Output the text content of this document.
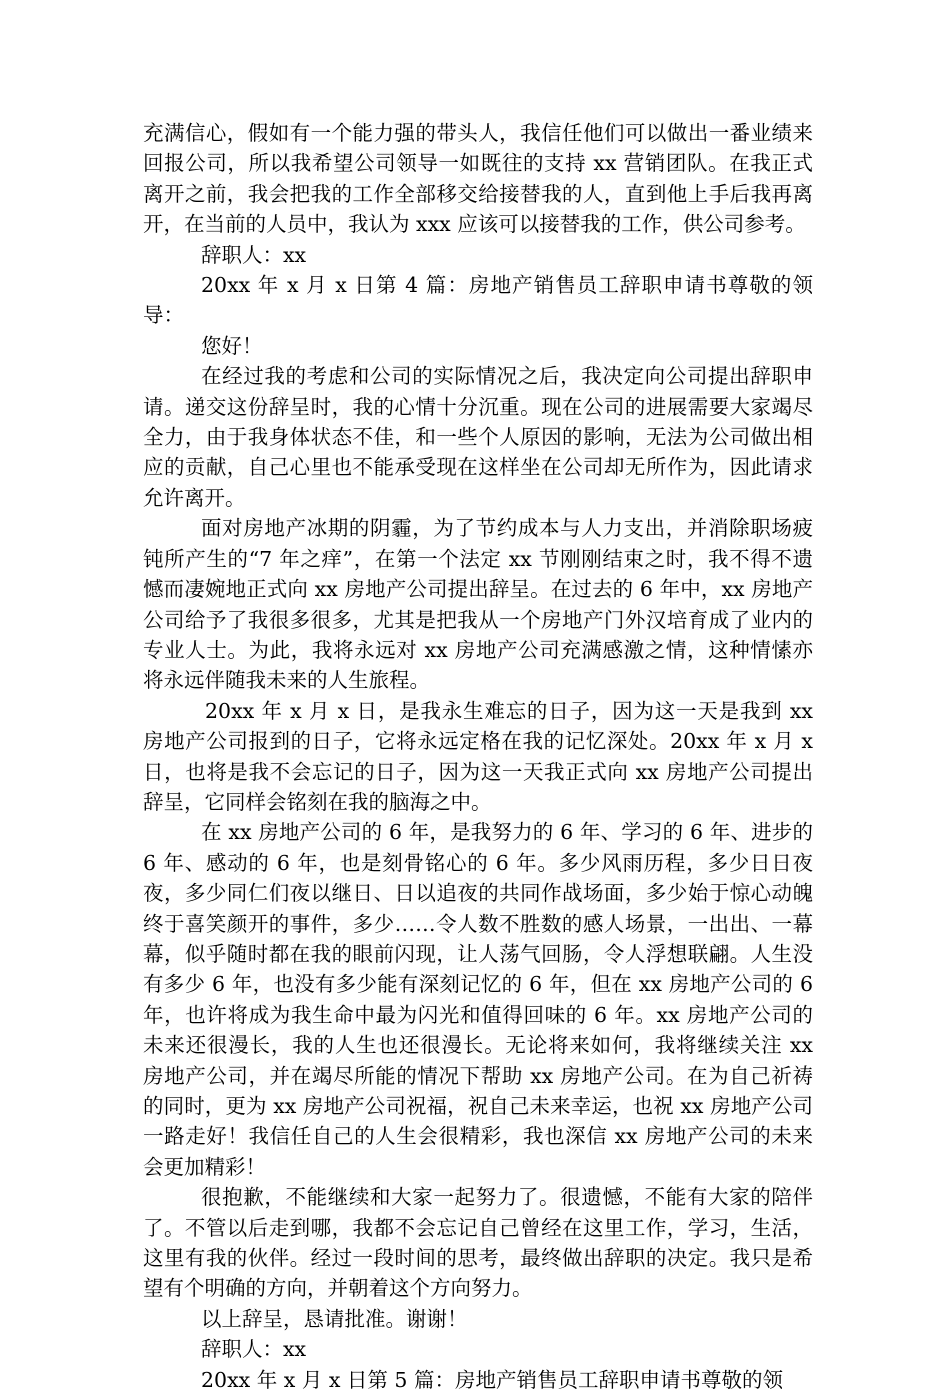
充满信心，假如有一个能力强的带头人，我信任他们可以做出一番业绩来回报公司，所以我希望公司领导一如既往的支持 xx 营销团队。在我正式离开之前，我会把我的工作全部移交给接替我的人，直到他上手后我再离开，在当前的人员中，我认为 xxx 应该可以接替我的工作，供公司参考。

辞职人：xx

20xx 年 x 月 x 日第 4 篇：房地产销售员工辞职申请书尊敬的领导：

您好！

在经过我的考虑和公司的实际情况之后，我决定向公司提出辞职申请。递交这份辞呈时，我的心情十分沉重。现在公司的进展需要大家竭尽全力，由于我身体状态不佳，和一些个人原因的影响，无法为公司做出相应的贡献，自己心里也不能承受现在这样坐在公司却无所作为，因此请求允许离开。

面对房地产冰期的阴霾，为了节约成本与人力支出，并消除职场疲钝所产生的“7 年之痒”，在第一个法定 xx 节刚刚结束之时，我不得不遗憾而凄婉地正式向 xx 房地产公司提出辞呈。在过去的 6 年中，xx 房地产公司给予了我很多很多，尤其是把我从一个房地产门外汉培育成了业内的专业人士。为此，我将永远对 xx 房地产公司充满感激之情，这种情愫亦将永远伴随我未来的人生旅程。

20xx 年 x 月 x 日，是我永生难忘的日子，因为这一天是我到 xx 房地产公司报到的日子，它将永远定格在我的记忆深处。20xx 年 x 月 x 日，也将是我不会忘记的日子，因为这一天我正式向 xx 房地产公司提出辞呈，它同样会铭刻在我的脑海之中。

在 xx 房地产公司的 6 年，是我努力的 6 年、学习的 6 年、进步的 6 年、感动的 6 年，也是刻骨铭心的 6 年。多少风雨历程，多少日日夜夜，多少同仁们夜以继日、日以追夜的共同作战场面，多少始于惊心动魄终于喜笑颜开的事件，多少……令人数不胜数的感人场景，一出出、一幕幕，似乎随时都在我的眼前闪现，让人荡气回肠，令人浮想联翩。人生没有多少 6 年，也没有多少能有深刻记忆的 6 年，但在 xx 房地产公司的 6 年，也许将成为我生命中最为闪光和值得回味的 6 年。xx 房地产公司的未来还很漫长，我的人生也还很漫长。无论将来如何，我将继续关注 xx 房地产公司，并在竭尽所能的情况下帮助 xx 房地产公司。在为自己祈祷的同时，更为 xx 房地产公司祝福，祝自己未来幸运，也祝 xx 房地产公司一路走好！我信任自己的人生会很精彩，我也深信 xx 房地产公司的未来会更加精彩！

很抱歉，不能继续和大家一起努力了。很遗憾，不能有大家的陪伴了。不管以后走到哪，我都不会忘记自己曾经在这里工作，学习，生活，这里有我的伙伴。经过一段时间的思考，最终做出辞职的决定。我只是希望有个明确的方向，并朝着这个方向努力。

以上辞呈，恳请批准。谢谢！

辞职人：xx

20xx 年 x 月 x 日第 5 篇：房地产销售员工辞职申请书尊敬的领
